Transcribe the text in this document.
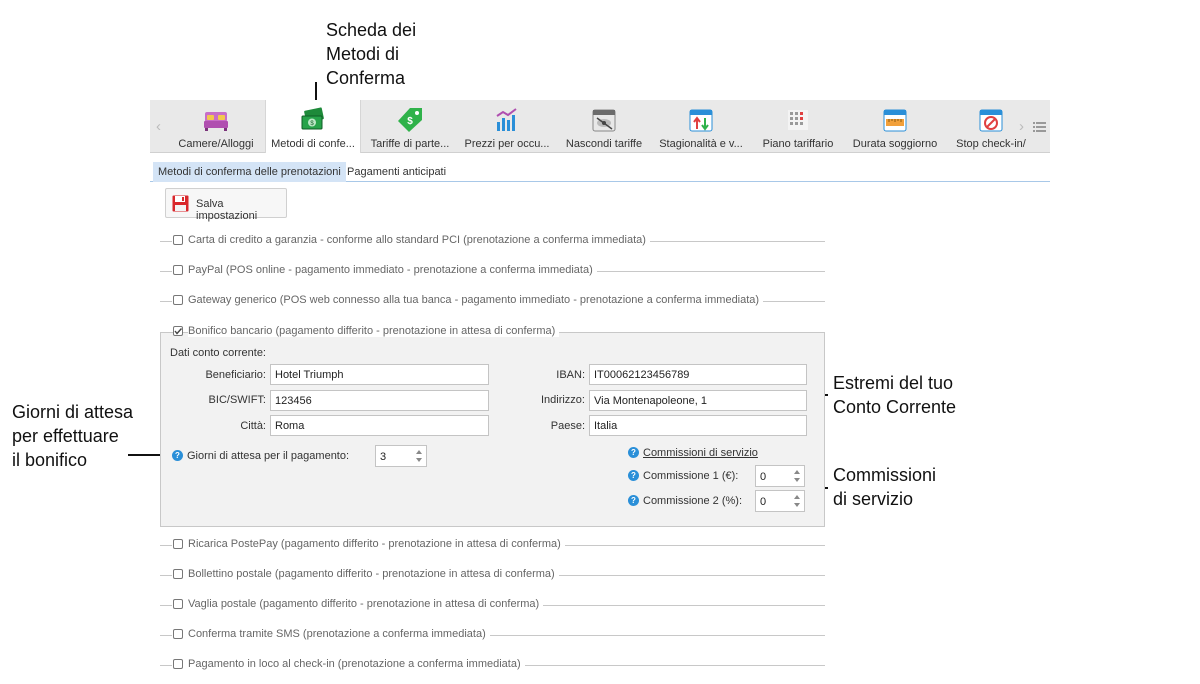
Scheda dei
Metodi di
Conferma
Estremi del tuo
Conto Corrente
Commissioni
di servizio
Giorni di attesa
per effettuare
il bonifico
‹
Camere/Alloggi
$
Metodi di confe...
$
Tariffe di parte...	Prezzi per occu...	Nascondi tariffe	Stagionalità e v...	Piano tariffario	Durata soggiorno	Stop check-in/
›
Metodi di conferma delle prenotazioni Pagamenti anticipati
Salva impostazioni
Carta di credito a garanzia - conforme allo standard PCI (prenotazione a conferma immediata)
PayPal (POS online - pagamento immediato - prenotazione a conferma immediata)
Gateway generico (POS web connesso alla tua banca - pagamento immediato - prenotazione a conferma immediata)
Dati conto corrente:
Beneficiario: Hotel Triumph
BIC/SWIFT: 123456
Città: Roma
IBAN: IT00062123456789
Indirizzo: Via Montenapoleone, 1
Paese: Italia
? Giorni di attesa per il pagamento:	3	? Commissioni di servizio
? Commissione 1 (€):	0
? Commissione 2 (%):	0
Bonifico bancario (pagamento differito - prenotazione in attesa di conferma)
Ricarica PostePay (pagamento differito - prenotazione in attesa di conferma)
Bollettino postale (pagamento differito - prenotazione in attesa di conferma)
Vaglia postale (pagamento differito - prenotazione in attesa di conferma)
Conferma tramite SMS (prenotazione a conferma immediata)
Pagamento in loco al check-in (prenotazione a conferma immediata)
